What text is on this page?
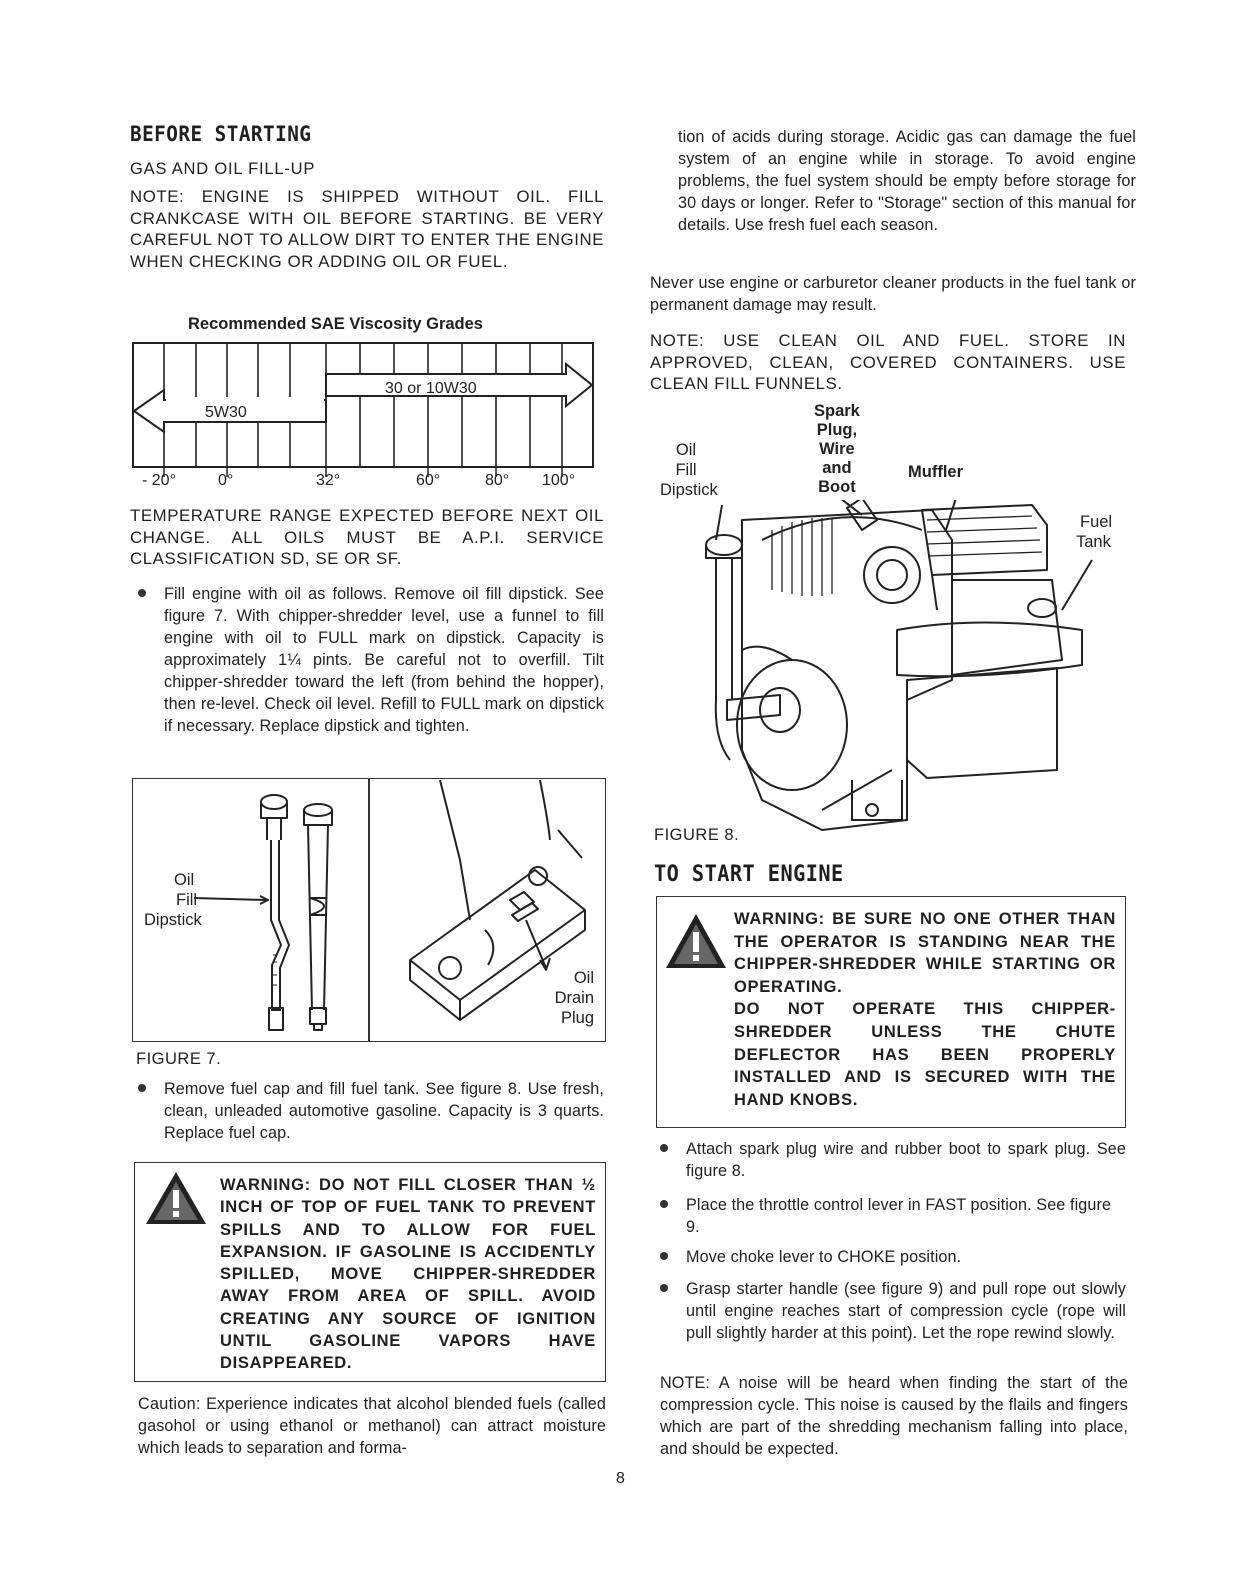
BEFORE STARTING
GAS AND OIL FILL-UP
NOTE: ENGINE IS SHIPPED WITHOUT OIL. FILL CRANKCASE WITH OIL BEFORE STARTING. BE VERY CAREFUL NOT TO ALLOW DIRT TO ENTER THE ENGINE WHEN CHECKING OR ADDING OIL OR FUEL.
Recommended SAE Viscosity Grades
30 or 10W30
5W30
- 20°	0°	32°	60°	80° 100°
TEMPERATURE RANGE EXPECTED BEFORE NEXT OIL CHANGE. ALL OILS MUST BE A.P.I. SERVICE CLASSIFICATION SD, SE OR SF.
Fill engine with oil as follows. Remove oil fill dipstick. See figure 7. With chipper-shredder level, use a funnel to fill engine with oil to FULL mark on dipstick. Capacity is approximately 1¼ pints. Be careful not to overfill. Tilt chipper-shredder toward the left (from behind the hopper), then re-level. Check oil level. Refill to FULL mark on dipstick if necessary. Replace dipstick and tighten.
Oil
Fill
Dipstick
Oil
Drain
Plug
FIGURE 7.
Remove fuel cap and fill fuel tank. See figure 8. Use fresh, clean, unleaded automotive gasoline. Capacity is 3 quarts. Replace fuel cap.
WARNING: DO NOT FILL CLOSER THAN ½ INCH OF TOP OF FUEL TANK TO PREVENT SPILLS AND TO ALLOW FOR FUEL EXPANSION. IF GASOLINE IS ACCIDENTLY SPILLED, MOVE CHIPPER-SHREDDER AWAY FROM AREA OF SPILL. AVOID CREATING ANY SOURCE OF IGNITION UNTIL GASOLINE VAPORS HAVE DISAPPEARED.
Caution: Experience indicates that alcohol blended fuels (called gasohol or using ethanol or methanol) can attract moisture which leads to separation and forma-
tion of acids during storage. Acidic gas can damage the fuel system of an engine while in storage. To avoid engine problems, the fuel system should be empty before storage for 30 days or longer. Refer to "Storage" section of this manual for details. Use fresh fuel each season.
Never use engine or carburetor cleaner products in the fuel tank or permanent damage may result.
NOTE: USE CLEAN OIL AND FUEL. STORE IN APPROVED, CLEAN, COVERED CONTAINERS. USE CLEAN FILL FUNNELS.
Spark
Plug,
Wire
and
Boot
Oil
Fill
Dipstick
Muffler
Fuel
Tank
FIGURE 8.
TO START ENGINE
WARNING: BE SURE NO ONE OTHER THAN THE OPERATOR IS STANDING NEAR THE CHIPPER-SHREDDER WHILE STARTING OR OPERATING.
DO NOT OPERATE THIS CHIPPER-SHREDDER UNLESS THE CHUTE DEFLECTOR HAS BEEN PROPERLY INSTALLED AND IS SECURED WITH THE HAND KNOBS.
Attach spark plug wire and rubber boot to spark plug. See figure 8.
Place the throttle control lever in FAST position. See figure 9.
Move choke lever to CHOKE position.
Grasp starter handle (see figure 9) and pull rope out slowly until engine reaches start of compression cycle (rope will pull slightly harder at this point). Let the rope rewind slowly.
NOTE: A noise will be heard when finding the start of the compression cycle. This noise is caused by the flails and fingers which are part of the shredding mechanism falling into place, and should be expected.
8
